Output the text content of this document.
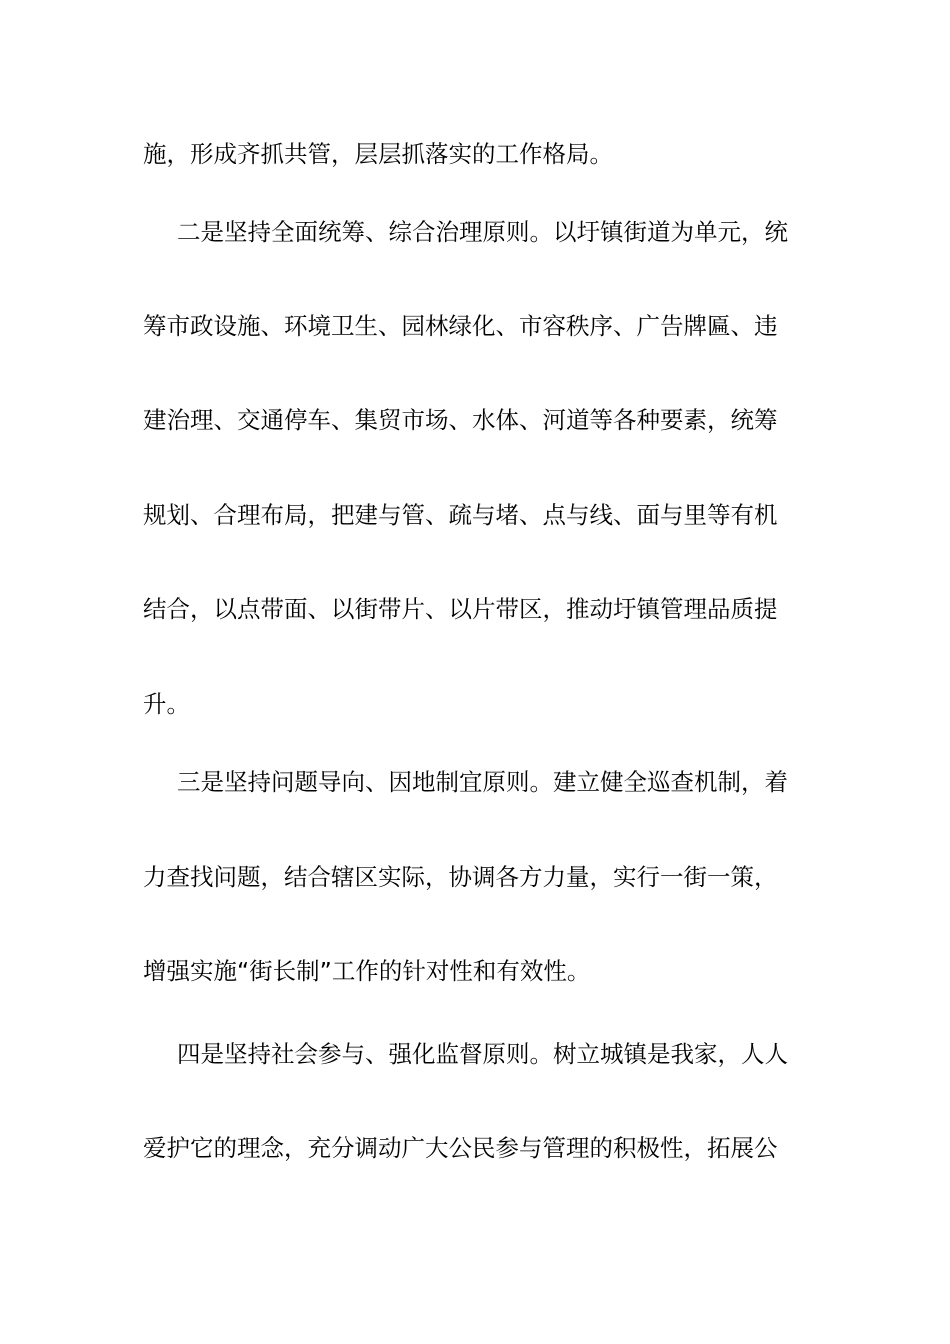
施，形成齐抓共管，层层抓落实的工作格局。
二是坚持全面统筹、综合治理原则。以圩镇街道为单元，统
筹市政设施、环境卫生、园林绿化、市容秩序、广告牌匾、违
建治理、交通停车、集贸市场、水体、河道等各种要素，统筹
规划、合理布局，把建与管、疏与堵、点与线、面与里等有机
结合，以点带面、以街带片、以片带区，推动圩镇管理品质提
升。
三是坚持问题导向、因地制宜原则。建立健全巡查机制，着
力查找问题，结合辖区实际，协调各方力量，实行一街一策，
增强实施“街长制”工作的针对性和有效性。
四是坚持社会参与、强化监督原则。树立城镇是我家，人人
爱护它的理念，充分调动广大公民参与管理的积极性，拓展公
